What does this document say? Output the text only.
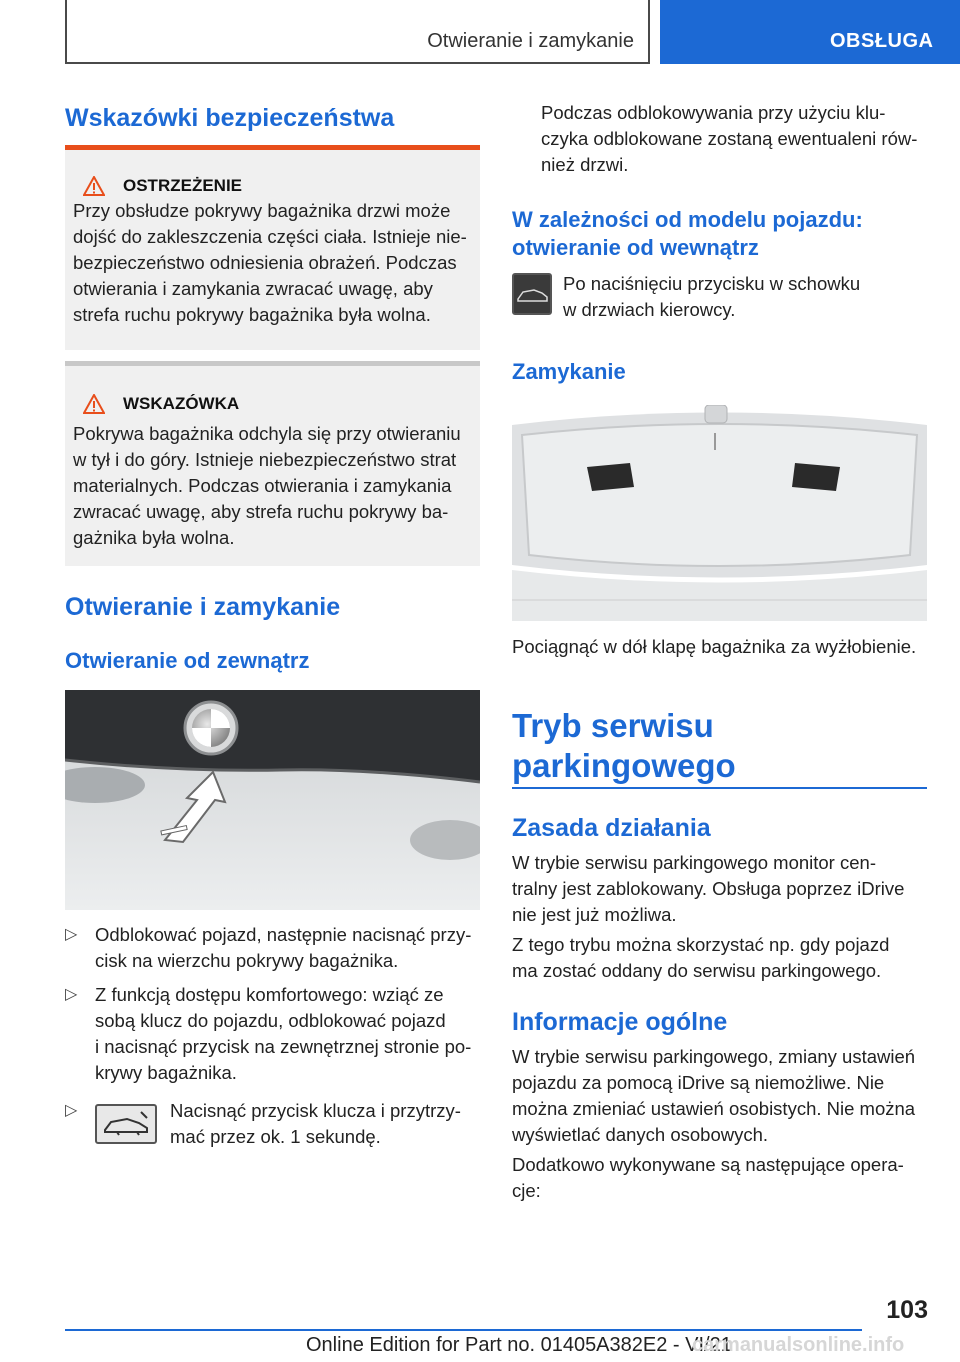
Otwieranie i zamykanie	OBSŁUGA
Wskazówki bezpieczeństwa
OSTRZEŻENIE
Przy obsłudze pokrywy bagażnika drzwi może
dojść do zakleszczenia części ciała. Istnieje nie-
bezpieczeństwo odniesienia obrażeń. Podczas
otwierania i zamykania zwracać uwagę, aby
strefa ruchu pokrywy bagażnika była wolna.
WSKAZÓWKA
Pokrywa bagażnika odchyla się przy otwieraniu
w tył i do góry. Istnieje niebezpieczeństwo strat
materialnych. Podczas otwierania i zamykania
zwracać uwagę, aby strefa ruchu pokrywy ba-
gażnika była wolna.
Otwieranie i zamykanie
Otwieranie od zewnątrz
▷ Odblokować pojazd, następnie nacisnąć przy-
cisk na wierzchu pokrywy bagażnika.
▷ Z funkcją dostępu komfortowego: wziąć ze
sobą klucz do pojazdu, odblokować pojazd
i nacisnąć przycisk na zewnętrznej stronie po-
krywy bagażnika.
▷	Nacisnąć przycisk klucza i przytrzy-
mać przez ok. 1 sekundę.
Podczas odblokowywania przy użyciu klu-
czyka odblokowane zostaną ewentualeni rów-
nież drzwi.
W zależności od modelu pojazdu:
otwieranie od wewnątrz
Po naciśnięciu przycisku w schowku
w drzwiach kierowcy.
Zamykanie
Pociągnąć w dół klapę bagażnika za wyżłobienie.
Tryb serwisu
parkingowego
Zasada działania
W trybie serwisu parkingowego monitor cen-
tralny jest zablokowany. Obsługa poprzez iDrive
nie jest już możliwa.
Z tego trybu można skorzystać np. gdy pojazd
ma zostać oddany do serwisu parkingowego.
Informacje ogólne
W trybie serwisu parkingowego, zmiany ustawień
pojazdu za pomocą iDrive są niemożliwe. Nie
można zmieniać ustawień osobistych. Nie można
wyświetlać danych osobowych.
Dodatkowo wykonywane są następujące opera-
cje:
103
Online Edition for Part no. 01405A382E2 - VI/21
carmanualsonline.info
